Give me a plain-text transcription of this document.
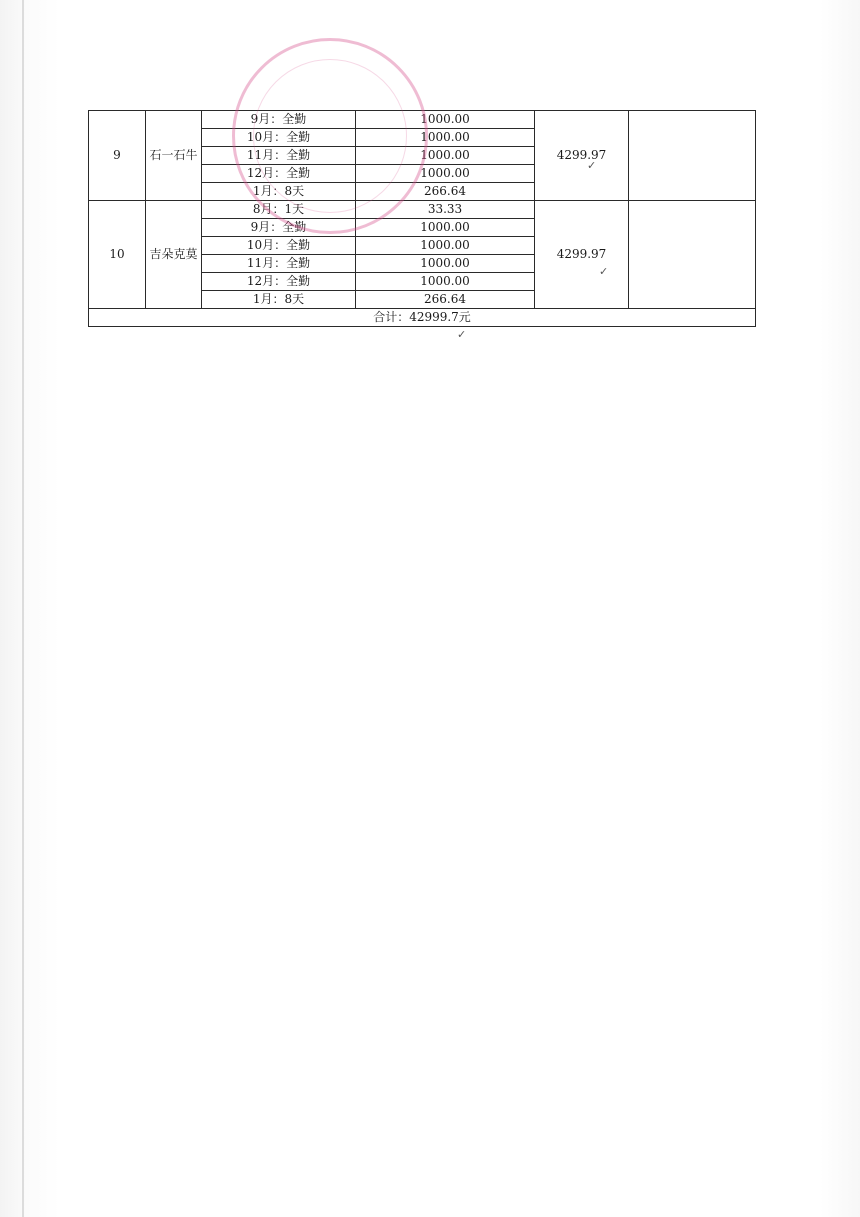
9	石一石牛	9月：全勤	1000.00	4299.97
✓	

		10月：全勤	1000.00		
		11月：全勤	1000.00		
		12月：全勤	1000.00		
		1月：8天	266.64		
10	吉朵克莫	8月：1天	33.33	4299.97
✓	

		9月：全勤	1000.00		
		10月：全勤	1000.00		
		11月：全勤	1000.00		
		12月：全勤	1000.00		
		1月：8天	266.64		
合计：42999.7元
✓					
